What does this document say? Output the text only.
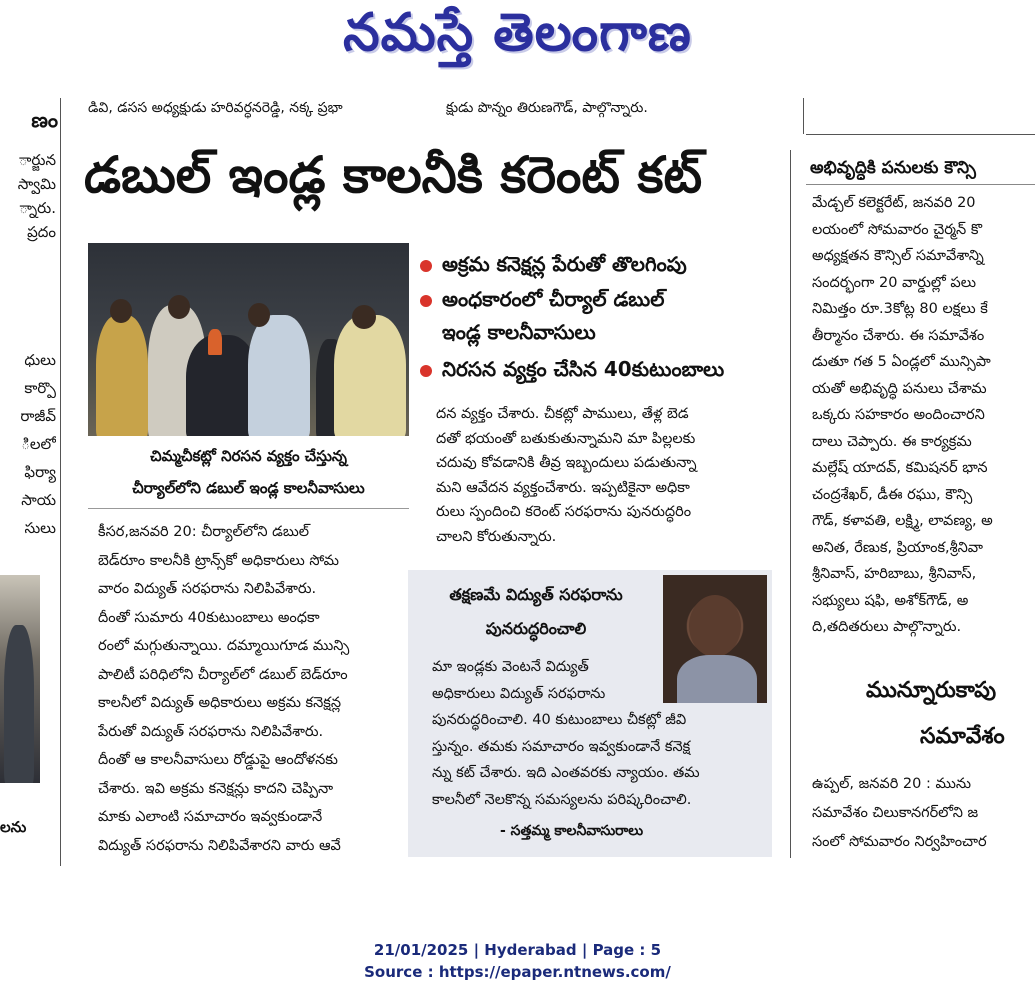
నమస్తే తెలంగాణ
డివి, డసస అధ్యక్షుడు హరివర్ధనరెడ్డి, నక్క ప్రభా	క్షుడు పొన్నం తిరుణగౌడ్, పాల్గొన్నారు.
ణం
ార్జున
స్వామి
్నారు.
ప్రదం
ధులు
కార్పొ
రాజీవ్
ిలలో
ఫిర్యా
సాయ
సులు
లను
డబుల్ ఇండ్ల కాలనీకి కరెంట్ కట్
చిమ్మచీకట్లో నిరసన వ్యక్తం చేస్తున్న
చీర్యాల్‌లోని డబుల్ ఇండ్ల కాలనీవాసులు
అక్రమ కనెక్షన్ల పేరుతో తొలగింపు
అంధకారంలో చీర్యాల్ డబుల్
ఇండ్ల కాలనీవాసులు
నిరసన వ్యక్తం చేసిన 40కుటుంబాలు
కీసర,జనవరి 20: చీర్యాల్‌లోని డబుల్
బెడ్‌రూం కాలనీకి ట్రాన్స్‌కో అధికారులు సోమ
వారం విద్యుత్ సరఫరాను నిలిపివేశారు.
దీంతో సుమారు 40కుటుంబాలు అంధకా
రంలో మగ్గుతున్నాయి. దమ్మాయిగూడ మున్సి
పాలిటీ పరిధిలోని చీర్యాల్‌లో డబుల్ బెడ్‌రూం
కాలనీలో విద్యుత్ అధికారులు అక్రమ కనెక్షన్ల
పేరుతో విద్యుత్ సరఫరాను నిలిపివేశారు.
దీంతో ఆ కాలనీవాసులు రోడ్డుపై ఆందోళనకు
చేశారు. ఇవి అక్రమ కనెక్షన్లు కాదని చెప్పినా
మాకు ఎలాంటి సమాచారం ఇవ్వకుండానే
విద్యుత్ సరఫరాను నిలిపివేశారని వారు ఆవే
దన వ్యక్తం చేశారు. చీకట్లో పాములు, తేళ్ల బెడ
దతో భయంతో బతుకుతున్నామని మా పిల్లలకు
చదువు కోవడానికి తీవ్ర ఇబ్బందులు పడుతున్నా
మని ఆవేదన వ్యక్తంచేశారు. ఇప్పటికైనా అధికా
రులు స్పందించి కరెంట్ సరఫరాను పునరుద్ధరిం
చాలని కోరుతున్నారు.
తక్షణమే విద్యుత్ సరఫరాను
పునరుద్ధరించాలి
మా ఇండ్లకు వెంటనే విద్యుత్
అధికారులు విద్యుత్ సరఫరాను
పునరుద్ధరించాలి. 40 కుటుంబాలు చీకట్లో జీవి
స్తున్నం. తమకు సమాచారం ఇవ్వకుండానే కనెక్ష
న్ను కట్ చేశారు. ఇది ఎంతవరకు న్యాయం. తమ
కాలనీలో నెలకొన్న సమస్యలను పరిష్కరించాలి.
- సత్తమ్మ కాలనీవాసురాలు
అభివృద్ధికి పనులకు కౌన్సి
మేడ్చల్ కలెక్టరేట్, జనవరి 20
లయంలో సోమవారం చైర్మన్ కొ
అధ్యక్షతన కౌన్సిల్ సమావేశాన్ని
సందర్భంగా 20 వార్డుల్లో పలు
నిమిత్తం రూ.3కోట్ల 80 లక్షలు కే
తీర్మానం చేశారు. ఈ సమావేశం
డుతూ గత 5 ఏండ్లలో మున్సిపా
యతో అభివృద్ధి పనులు చేశామ
ఒక్కరు సహకారం అందించారని
దాలు చెప్పారు. ఈ కార్యక్రమ
మల్లేష్ యాదవ్, కమిషనర్ భాన
చంద్రశేఖర్, డీఈ రఘు, కౌన్సి
గౌడ్, కళావతి, లక్ష్మి, లావణ్య, అ
అనిత, రేణుక, ప్రియాంక,శ్రీనివా
శ్రీనివాస్, హరిబాబు, శ్రీనివాస్,
సభ్యులు షఫి, అశోక్‌గౌడ్, అ
ది,తదితరులు పాల్గొన్నారు.
మున్నూరుకాపు
సమావేశం
ఉప్పల్, జనవరి 20 : మును
సమావేశం చిలుకానగర్‌లోని జ
సంలో సోమవారం నిర్వహించార
21/01/2025 | Hyderabad | Page : 5
Source : https://epaper.ntnews.com/
